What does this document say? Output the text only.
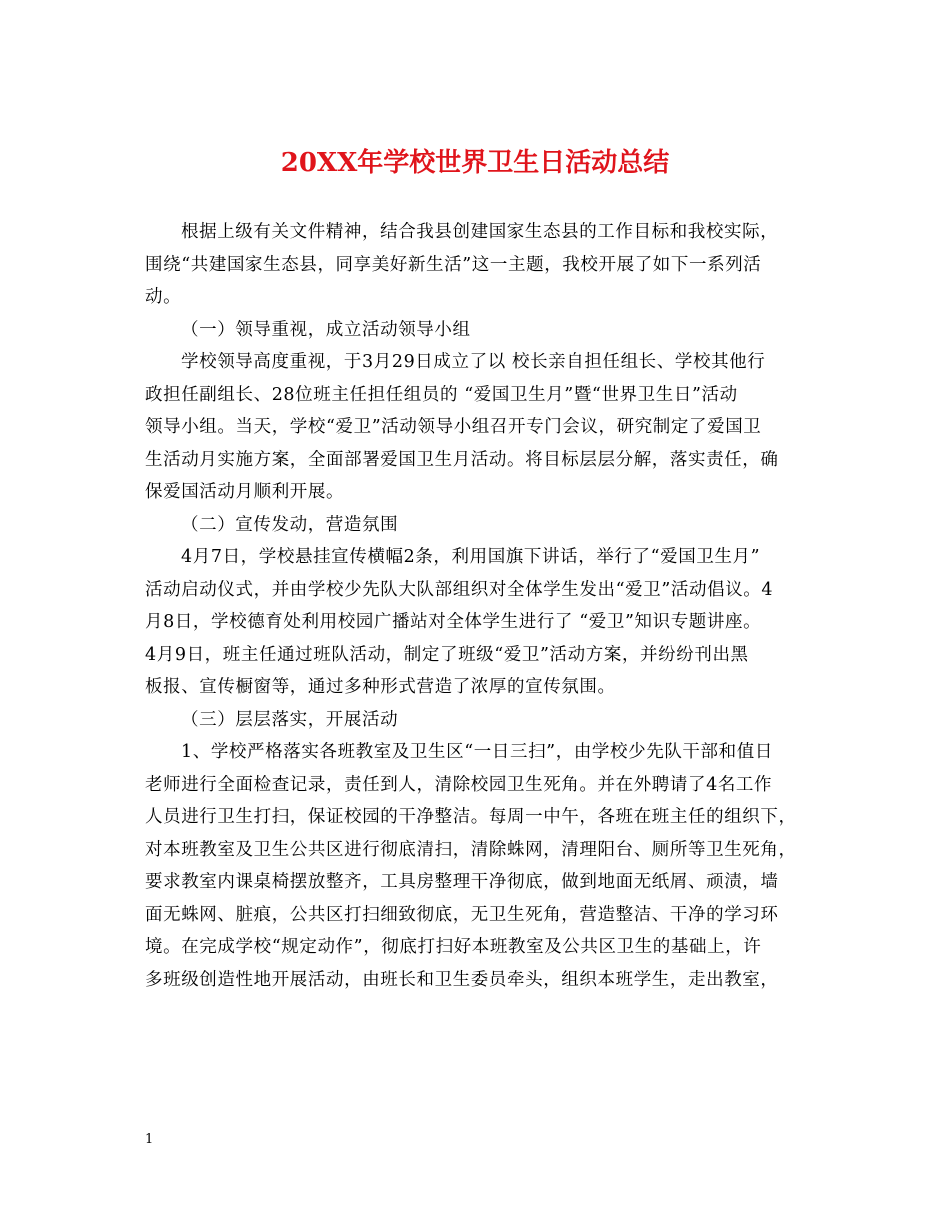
20XX年学校世界卫生日活动总结
根据上级有关文件精神，结合我县创建国家生态县的工作目标和我校实际，
围绕“共建国家生态县，同享美好新生活”这一主题，我校开展了如下一系列活
动。
（一）领导重视，成立活动领导小组
学校领导高度重视，于3月29日成立了以 校长亲自担任组长、学校其他行
政担任副组长、28位班主任担任组员的 “爱国卫生月”暨“世界卫生日”活动
领导小组。当天，学校“爱卫”活动领导小组召开专门会议，研究制定了爱国卫
生活动月实施方案，全面部署爱国卫生月活动。将目标层层分解，落实责任，确
保爱国活动月顺利开展。
（二）宣传发动，营造氛围
4月7日，学校悬挂宣传横幅2条，利用国旗下讲话，举行了“爱国卫生月”
活动启动仪式，并由学校少先队大队部组织对全体学生发出“爱卫”活动倡议。4
月8日，学校德育处利用校园广播站对全体学生进行了 “爱卫”知识专题讲座。
4月9日，班主任通过班队活动，制定了班级“爱卫”活动方案，并纷纷刊出黑
板报、宣传橱窗等，通过多种形式营造了浓厚的宣传氛围。
（三）层层落实，开展活动
1、学校严格落实各班教室及卫生区“一日三扫”，由学校少先队干部和值日
老师进行全面检查记录，责任到人，清除校园卫生死角。并在外聘请了4名工作
人员进行卫生打扫，保证校园的干净整洁。每周一中午，各班在班主任的组织下，
对本班教室及卫生公共区进行彻底清扫，清除蛛网，清理阳台、厕所等卫生死角，
要求教室内课桌椅摆放整齐，工具房整理干净彻底，做到地面无纸屑、顽渍，墙
面无蛛网、脏痕，公共区打扫细致彻底，无卫生死角，营造整洁、干净的学习环
境。在完成学校“规定动作”，彻底打扫好本班教室及公共区卫生的基础上，许
多班级创造性地开展活动，由班长和卫生委员牵头，组织本班学生，走出教室，
1
